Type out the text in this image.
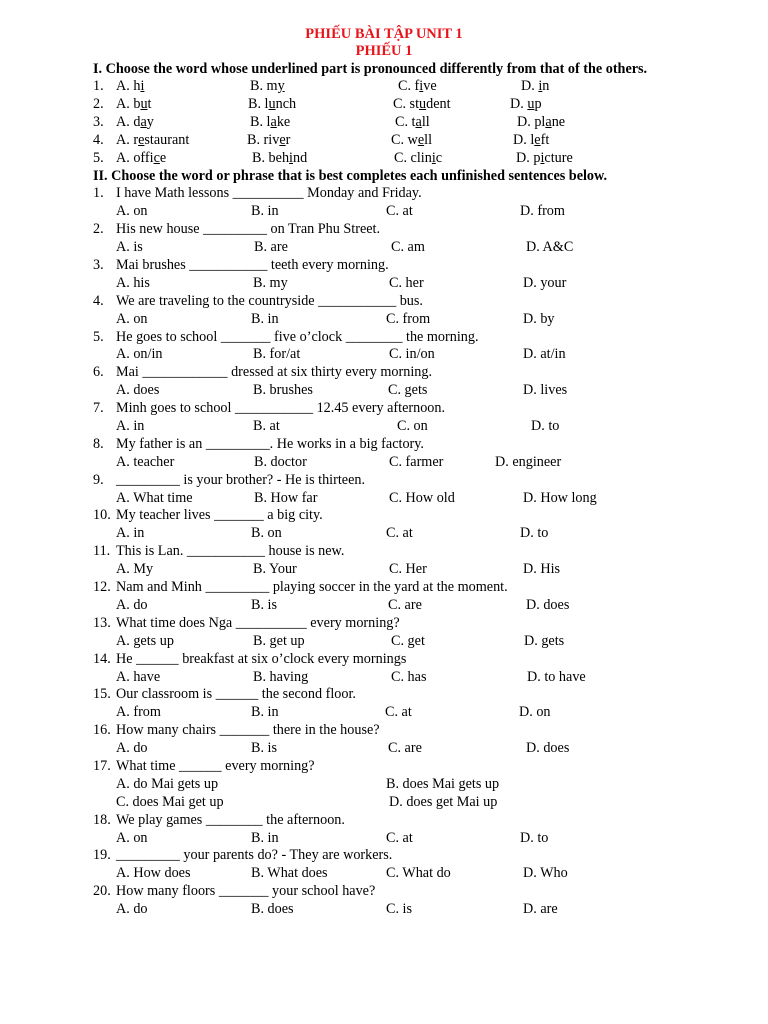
PHIẾU BÀI TẬP UNIT 1
PHIẾU 1
I. Choose the word whose underlined part is pronounced differently from that of the others.
1. A. hi	B. my	C. five	D. in
2. A. but	B. lunch	C. student	D. up
3. A. day	B. lake	C. tall	D. plane
4. A. restaurant	B. river	C. well	D. left
5. A. office	B. behind	C. clinic	D. picture
II. Choose the word or phrase that is best completes each unfinished sentences below.
1. I have Math lessons __________ Monday and Friday.
A. on	B. in	C. at	D. from
2. His new house _________ on Tran Phu Street.
A. is	B. are	C. am	D. A&C
3. Mai brushes ___________ teeth every morning.
A. his	B. my	C. her	D. your
4. We are traveling to the countryside ___________ bus.
A. on	B. in	C. from	D. by
5. He goes to school _______ five o’clock ________ the morning.
A. on/in	B. for/at	C. in/on	D. at/in
6. Mai ____________ dressed at six thirty every morning.
A. does	B. brushes	C. gets	D. lives
7. Minh goes to school ___________ 12.45 every afternoon.
A. in	B. at	C. on	D. to
8. My father is an _________. He works in a big factory.
A. teacher	B. doctor	C. farmer	D. engineer
9. _________ is your brother? - He is thirteen.
A. What time	B. How far	C. How old	D. How long
10. My teacher lives _______ a big city.
A. in	B. on	C. at	D. to
11. This is Lan. ___________ house is new.
A. My	B. Your	C. Her	D. His
12. Nam and Minh _________ playing soccer in the yard at the moment.
A. do	B. is	C. are	D. does
13. What time does Nga __________ every morning?
A. gets up	B. get up	C. get	D. gets
14. He ______ breakfast at six o’clock every mornings
A. have	B. having	C. has	D. to have
15. Our classroom is ______ the second floor.
A. from	B. in	C. at	D. on
16. How many chairs _______ there in the house?
A. do	B. is	C. are	D. does
17. What time ______ every morning?
A. do Mai gets up	B. does Mai gets up
C. does Mai get up	D. does get Mai up
18. We play games ________ the afternoon.
A. on	B. in	C. at	D. to
19. _________ your parents do? - They are workers.
A. How does	B. What does	C. What do	D. Who
20. How many floors _______ your school have?
A. do	B. does	C. is	D. are
